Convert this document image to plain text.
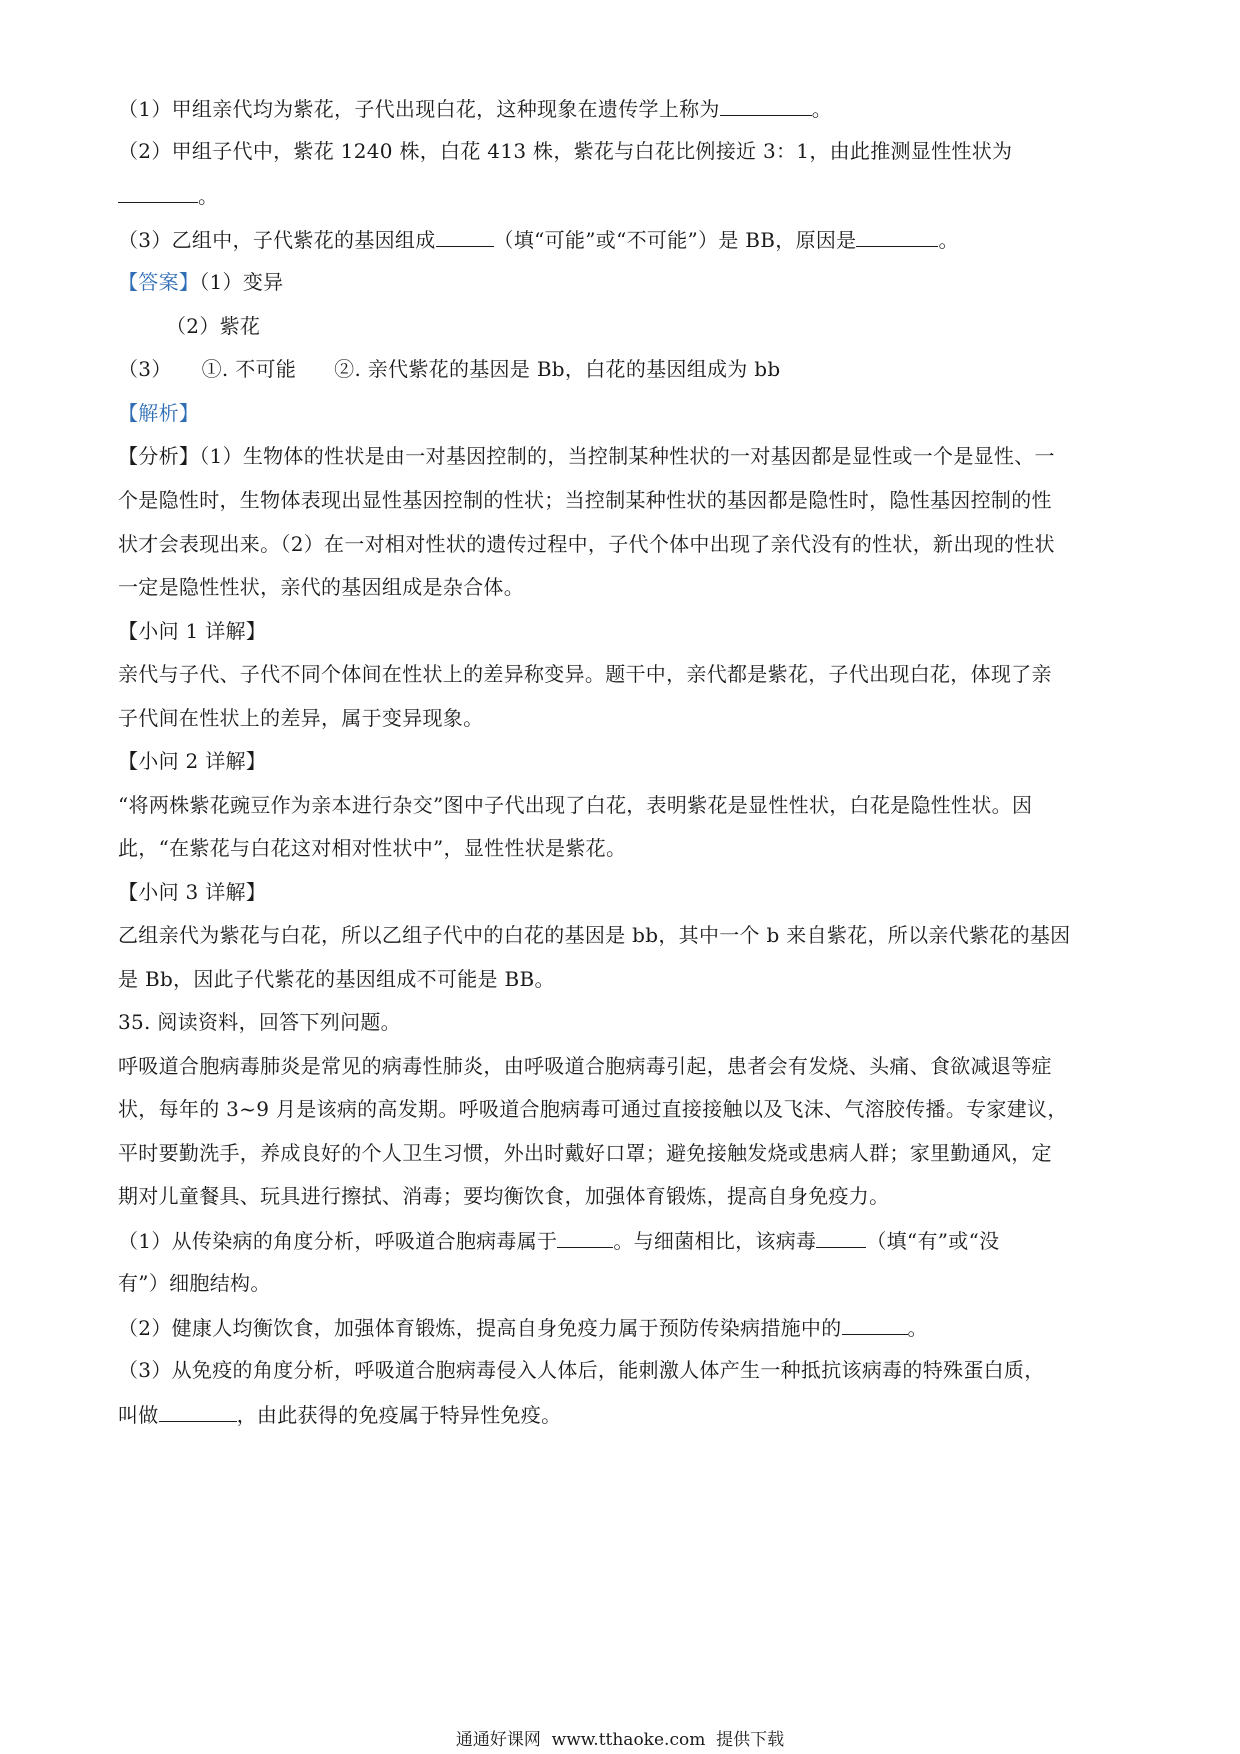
（1）甲组亲代均为紫花，子代出现白花，这种现象在遗传学上称为	。
（2）甲组子代中，紫花 1240 株，白花 413 株，紫花与白花比例接近 3：1，由此推测显性性状为
。
（3）乙组中，子代紫花的基因组成	（填“可能”或“不可能”）是 BB，原因是	。
【答案】（1）变异
（2）紫花
（3） ①. 不可能 ②. 亲代紫花的基因是 Bb，白花的基因组成为 bb
【解析】
【分析】（1）生物体的性状是由一对基因控制的，当控制某种性状的一对基因都是显性或一个是显性、一
个是隐性时，生物体表现出显性基因控制的性状；当控制某种性状的基因都是隐性时，隐性基因控制的性
状才会表现出来。（2）在一对相对性状的遗传过程中，子代个体中出现了亲代没有的性状，新出现的性状
一定是隐性性状，亲代的基因组成是杂合体。
【小问 1 详解】
亲代与子代、子代不同个体间在性状上的差异称变异。题干中，亲代都是紫花，子代出现白花，体现了亲
子代间在性状上的差异，属于变异现象。
【小问 2 详解】
“将两株紫花豌豆作为亲本进行杂交”图中子代出现了白花，表明紫花是显性性状，白花是隐性性状。因
此，“在紫花与白花这对相对性状中”，显性性状是紫花。
【小问 3 详解】
乙组亲代为紫花与白花，所以乙组子代中的白花的基因是 bb，其中一个 b 来自紫花，所以亲代紫花的基因
是 Bb，因此子代紫花的基因组成不可能是 BB。
35. 阅读资料，回答下列问题。
呼吸道合胞病毒肺炎是常见的病毒性肺炎，由呼吸道合胞病毒引起，患者会有发烧、头痛、食欲减退等症
状，每年的 3~9 月是该病的高发期。呼吸道合胞病毒可通过直接接触以及飞沫、气溶胶传播。专家建议，
平时要勤洗手，养成良好的个人卫生习惯，外出时戴好口罩；避免接触发烧或患病人群；家里勤通风，定
期对儿童餐具、玩具进行擦拭、消毒；要均衡饮食，加强体育锻炼，提高自身免疫力。
（1）从传染病的角度分析，呼吸道合胞病毒属于	。与细菌相比，该病毒	（填“有”或“没
有”）细胞结构。
（2）健康人均衡饮食，加强体育锻炼，提高自身免疫力属于预防传染病措施中的	。
（3）从免疫的角度分析，呼吸道合胞病毒侵入人体后，能刺激人体产生一种抵抗该病毒的特殊蛋白质，
叫做	，由此获得的免疫属于特异性免疫。
通通好课网 www.tthaoke.com 提供下载
